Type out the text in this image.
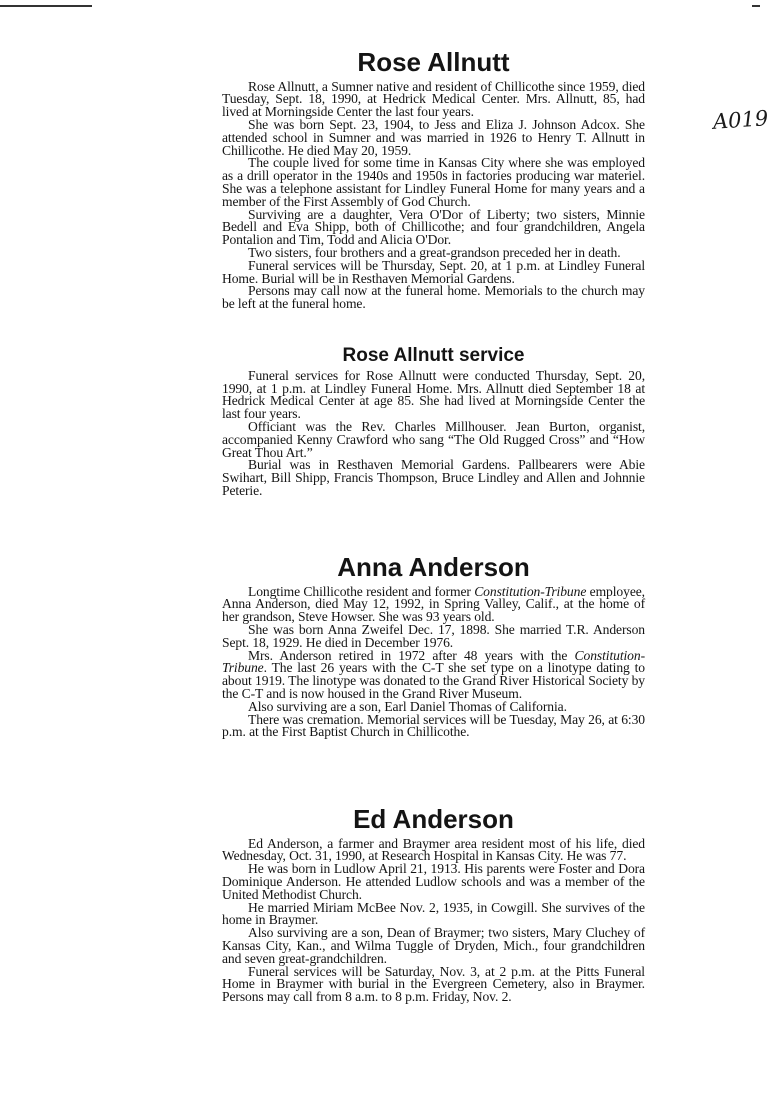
A019
Rose Allnutt

Rose Allnutt, a Sumner native and resident of Chillicothe since 1959, died Tuesday, Sept. 18, 1990, at Hedrick Medical Center. Mrs. Allnutt, 85, had lived at Morningside Center the last four years.

She was born Sept. 23, 1904, to Jess and Eliza J. Johnson Adcox. She attended school in Sumner and was married in 1926 to Henry T. Allnutt in Chillicothe. He died May 20, 1959.

The couple lived for some time in Kansas City where she was employed as a drill operator in the 1940s and 1950s in factories producing war materiel. She was a telephone assistant for Lindley Funeral Home for many years and a member of the First Assembly of God Church.

Surviving are a daughter, Vera O'Dor of Liberty; two sisters, Minnie Bedell and Eva Shipp, both of Chillicothe; and four grandchildren, Angela Pontalion and Tim, Todd and Alicia O'Dor.

Two sisters, four brothers and a great-grandson preceded her in death.

Funeral services will be Thursday, Sept. 20, at 1 p.m. at Lindley Funeral Home. Burial will be in Resthaven Memorial Gardens.

Persons may call now at the funeral home. Memorials to the church may be left at the funeral home.

Rose Allnutt service

Funeral services for Rose Allnutt were conducted Thursday, Sept. 20, 1990, at 1 p.m. at Lindley Funeral Home. Mrs. Allnutt died September 18 at Hedrick Medical Center at age 85. She had lived at Morningside Center the last four years.

Officiant was the Rev. Charles Millhouser. Jean Burton, organist, accompanied Kenny Crawford who sang “The Old Rugged Cross” and “How Great Thou Art.”

Burial was in Resthaven Memorial Gardens. Pallbearers were Abie Swihart, Bill Shipp, Francis Thompson, Bruce Lindley and Allen and Johnnie Peterie.

Anna Anderson

Longtime Chillicothe resident and former Constitution-Tribune employee, Anna Anderson, died May 12, 1992, in Spring Valley, Calif., at the home of her grandson, Steve Howser. She was 93 years old.

She was born Anna Zweifel Dec. 17, 1898. She married T.R. Anderson Sept. 18, 1929. He died in December 1976.

Mrs. Anderson retired in 1972 after 48 years with the Constitution-Tribune. The last 26 years with the C-T she set type on a linotype dating to about 1919. The linotype was donated to the Grand River Historical Society by the C-T and is now housed in the Grand River Museum.

Also surviving are a son, Earl Daniel Thomas of California.

There was cremation. Memorial services will be Tuesday, May 26, at 6:30 p.m. at the First Baptist Church in Chillicothe.

Ed Anderson

Ed Anderson, a farmer and Braymer area resident most of his life, died Wednesday, Oct. 31, 1990, at Research Hospital in Kansas City. He was 77.

He was born in Ludlow April 21, 1913. His parents were Foster and Dora Dominique Anderson. He attended Ludlow schools and was a member of the United Methodist Church.

He married Miriam McBee Nov. 2, 1935, in Cowgill. She survives of the home in Braymer.

Also surviving are a son, Dean of Braymer; two sisters, Mary Cluchey of Kansas City, Kan., and Wilma Tuggle of Dryden, Mich., four grandchildren and seven great-grandchildren.

Funeral services will be Saturday, Nov. 3, at 2 p.m. at the Pitts Funeral Home in Braymer with burial in the Evergreen Cemetery, also in Braymer. Persons may call from 8 a.m. to 8 p.m. Friday, Nov. 2.
